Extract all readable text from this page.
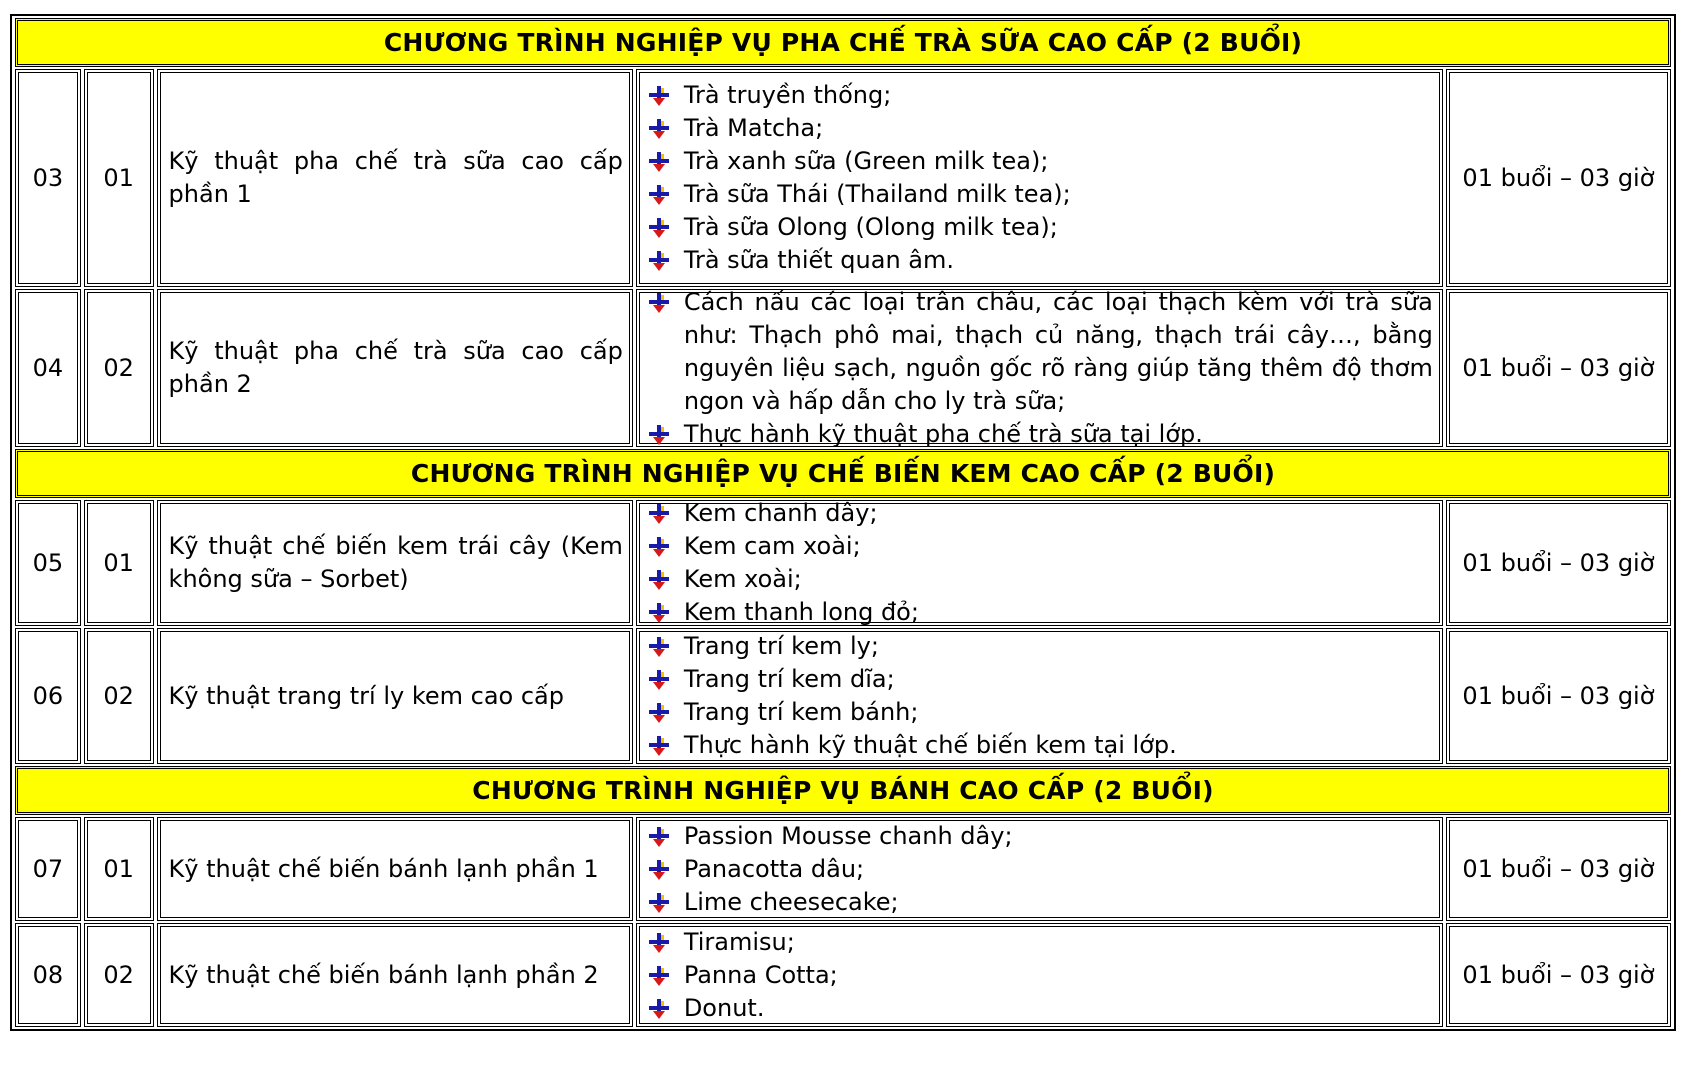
CHƯƠNG TRÌNH NGHIỆP VỤ PHA CHẾ TRÀ SỮA CAO CẤP (2 BUỔI)
03 01
Kỹ thuật pha chế trà sữa cao cấp phần 1
Trà truyền thống;
Trà Matcha;
Trà xanh sữa (Green milk tea);
Trà sữa Thái (Thailand milk tea);
Trà sữa Olong (Olong milk tea);
Trà sữa thiết quan âm.
01 buổi – 03 giờ
04 02
Kỹ thuật pha chế trà sữa cao cấp phần 2
Cách nấu các loại trân châu, các loại thạch kèm với trà sữa như: Thạch phô mai, thạch củ năng, thạch trái cây…, bằng nguyên liệu sạch, nguồn gốc rõ ràng giúp tăng thêm độ thơm ngon và hấp dẫn cho ly trà sữa;
Thực hành kỹ thuật pha chế trà sữa tại lớp.
01 buổi – 03 giờ
CHƯƠNG TRÌNH NGHIỆP VỤ CHẾ BIẾN KEM CAO CẤP (2 BUỔI)
05 01
Kỹ thuật chế biến kem trái cây (Kem không sữa – Sorbet)
Kem chanh dây;
Kem cam xoài;
Kem xoài;
Kem thanh long đỏ;
01 buổi – 03 giờ
06 02 Kỹ thuật trang trí ly kem cao cấp
Trang trí kem ly;
Trang trí kem dĩa;
Trang trí kem bánh;
Thực hành kỹ thuật chế biến kem tại lớp.
01 buổi – 03 giờ
CHƯƠNG TRÌNH NGHIỆP VỤ BÁNH CAO CẤP (2 BUỔI)
07 01 Kỹ thuật chế biến bánh lạnh phần 1
Passion Mousse chanh dây;
Panacotta dâu;
Lime cheesecake;
01 buổi – 03 giờ
08 02 Kỹ thuật chế biến bánh lạnh phần 2
Tiramisu;
Panna Cotta;
Donut.
01 buổi – 03 giờ
